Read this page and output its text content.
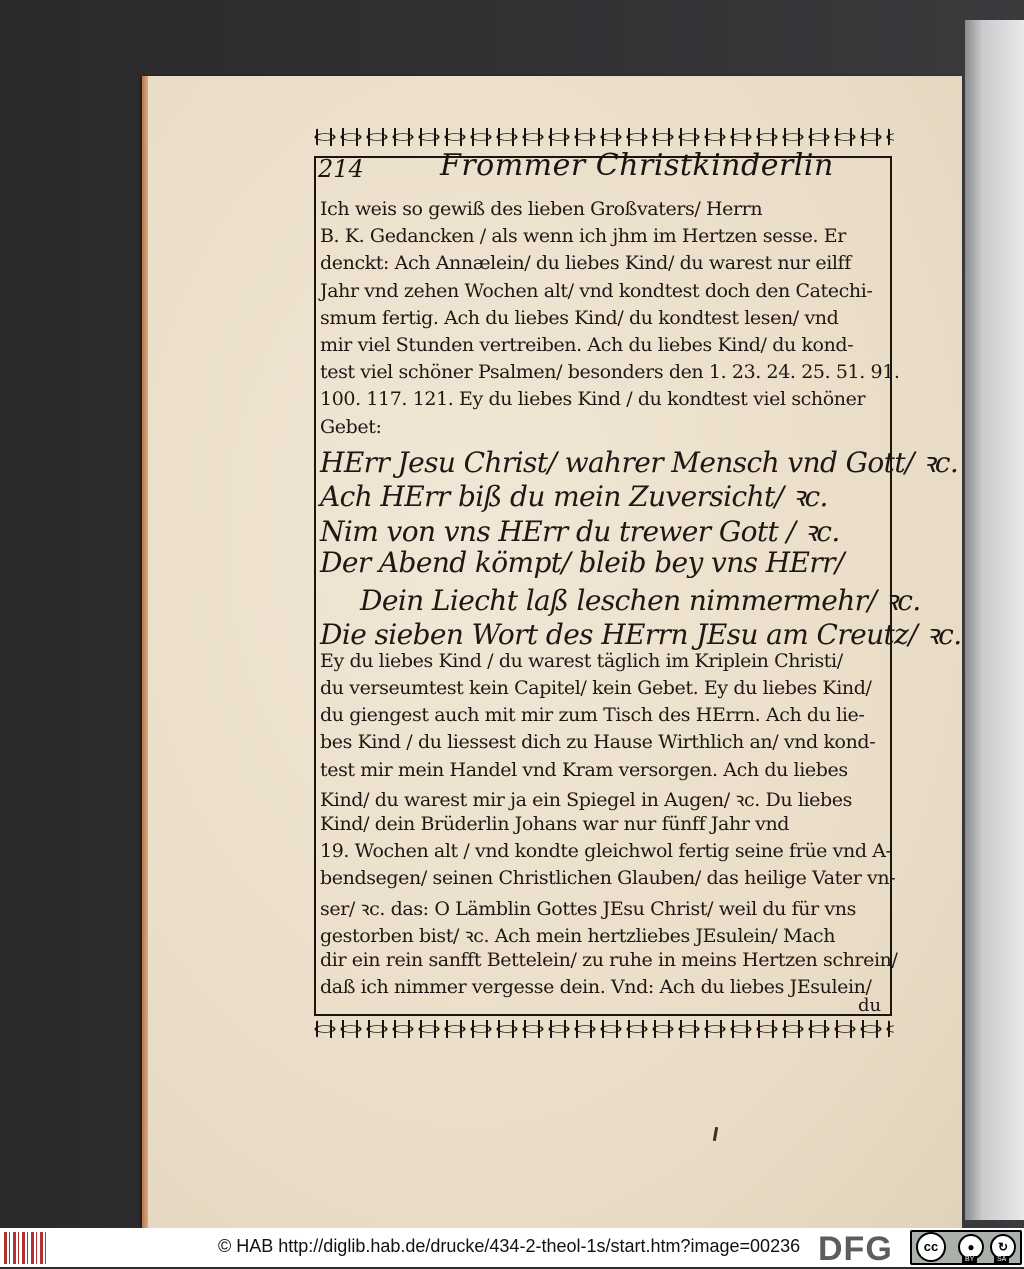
214	Frommer Christkinderlin
Ich weis so gewiß des lieben Großvaters/ Herrn
B. K. Gedancken / als wenn ich jhm im Hertzen sesse. Er
denckt: Ach Annælein/ du liebes Kind/ du warest nur eilff
Jahr vnd zehen Wochen alt/ vnd kondtest doch den Catechi-
smum fertig. Ach du liebes Kind/ du kondtest lesen/ vnd
mir viel Stunden vertreiben. Ach du liebes Kind/ du kond-
test viel schöner Psalmen/ besonders den 1. 23. 24. 25. 51. 91.
100. 117. 121. Ey du liebes Kind / du kondtest viel schöner
Gebet:
HErr Jesu Christ/ wahrer Mensch vnd Gott/ ꝛc.
Ach HErr biß du mein Zuversicht/ ꝛc.
Nim von vns HErr du trewer Gott / ꝛc.
Der Abend kömpt/ bleib bey vns HErr/
Dein Liecht laß leschen nimmermehr/ ꝛc.
Die sieben Wort des HErrn JEsu am Creutz/ ꝛc.
Ey du liebes Kind / du warest täglich im Kriplein Christi/
du verseumtest kein Capitel/ kein Gebet. Ey du liebes Kind/
du giengest auch mit mir zum Tisch des HErrn. Ach du lie-
bes Kind / du liessest dich zu Hause Wirthlich an/ vnd kond-
test mir mein Handel vnd Kram versorgen. Ach du liebes
Kind/ du warest mir ja ein Spiegel in Augen/ ꝛc. Du liebes
Kind/ dein Brüderlin Johans war nur fünff Jahr vnd
19. Wochen alt / vnd kondte gleichwol fertig seine früe vnd A-
bendsegen/ seinen Christlichen Glauben/ das heilige Vater vn-
ser/ ꝛc. das: O Lämblin Gottes JEsu Christ/ weil du für vns
gestorben bist/ ꝛc. Ach mein hertzliebes JEsulein/ Mach
dir ein rein sanfft Bettelein/ zu ruhe in meins Hertzen schrein/
daß ich nimmer vergesse dein. Vnd: Ach du liebes JEsulein/
du
© HAB http://diglib.hab.de/drucke/434-2-theol-1s/start.htm?image=00236 DFG	cc	●	↻
BY	SA
